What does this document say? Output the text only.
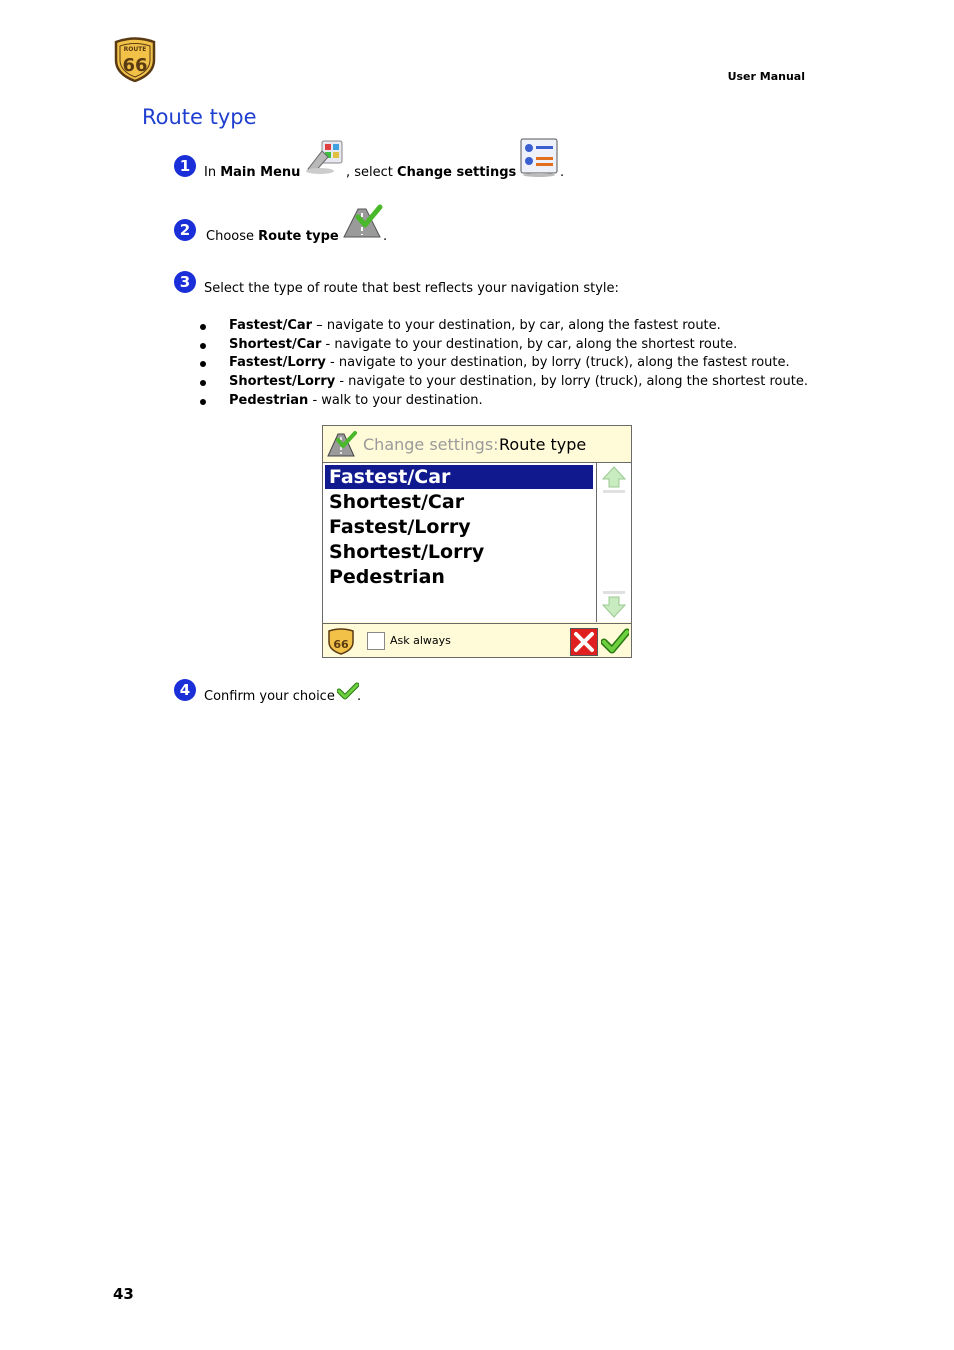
ROUTE
66
User Manual
Route type
1	In Main Menu	, select Change settings	.
2	Choose Route type	.
3	Select the type of route that best reflects your navigation style:
Fastest/Car – navigate to your destination, by car, along the fastest route.
Shortest/Car - navigate to your destination, by car, along the shortest route.
Fastest/Lorry - navigate to your destination, by lorry (truck), along the fastest route.
Shortest/Lorry - navigate to your destination, by lorry (truck), along the shortest route.
Pedestrian - walk to your destination.
Change settings: Route type
Fastest/Car
Shortest/Car
Fastest/Lorry
Shortest/Lorry
Pedestrian
66	Ask always
4	Confirm your choice .
43
